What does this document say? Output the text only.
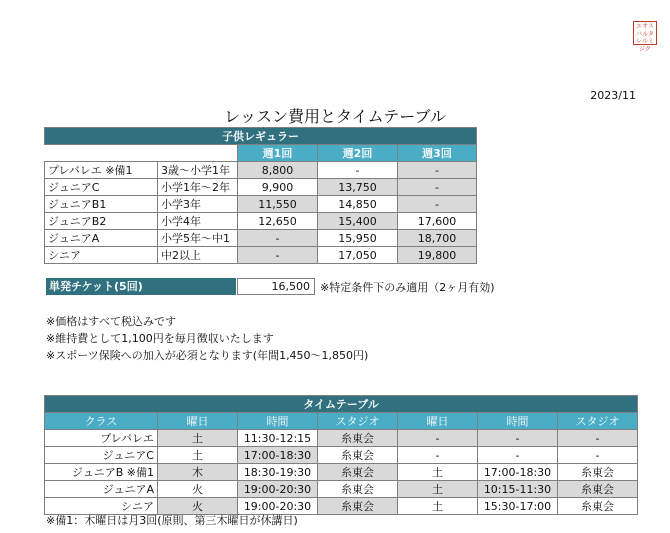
エオスバルタレルミジク
2023/11
レッスン費用とタイムテーブル
子供レギュラー				
		週1回	週2回	週3回
プレバレエ ※備1	3歳～小学1年	8,800	-	-
ジュニアC	小学1年～2年	9,900	13,750	-
ジュニアB1	小学3年	11,550	14,850	-
ジュニアB2	小学4年	12,650	15,400	17,600
ジュニアA	小学5年～中1	-	15,950	18,700
シニア	中2以上	-	17,050	19,800
単発チケット(5回)	16,500 ※特定条件下のみ適用（2ヶ月有効)
※価格はすべて税込みです
※維持費として1,100円を毎月徴収いたします
※スポーツ保険への加入が必須となります(年間1,450～1,850円)
タイムテーブル						
クラス	曜日	時間	スタジオ	曜日	時間	スタジオ
プレバレエ	土	11:30-12:15	糸東会	-	-	-
ジュニアC	土	17:00-18:30	糸東会	-	-	-
ジュニアB ※備1	木	18:30-19:30	糸東会	土	17:00-18:30	糸東会
ジュニアA	火	19:00-20:30	糸東会	土	10:15-11:30	糸東会
シニア	火	19:00-20:30	糸東会	土	15:30-17:00	糸東会
※備1：木曜日は月3回(原則、第三木曜日が休講日)
